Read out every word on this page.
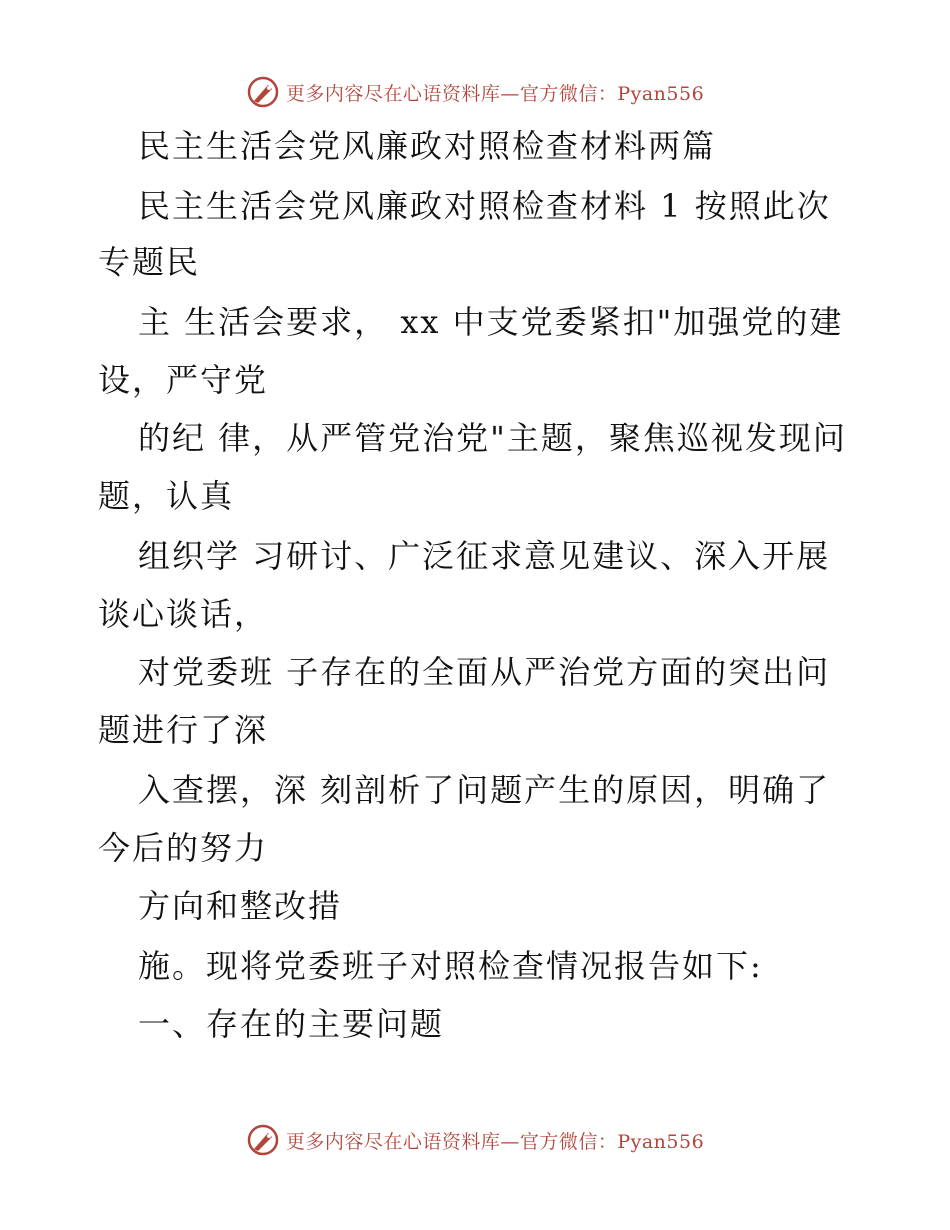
更多内容尽在心语资料库—官方微信：Pyan556
民主生活会党风廉政对照检查材料两篇
民主生活会党风廉政对照检查材料 1 按照此次
专题民
主 生活会要求， xx 中支党委紧扣"加强党的建
设，严守党
的纪 律，从严管党治党"主题，聚焦巡视发现问
题，认真
组织学 习研讨、广泛征求意见建议、深入开展
谈心谈话，
对党委班 子存在的全面从严治党方面的突出问
题进行了深
入查摆，深 刻剖析了问题产生的原因，明确了
今后的努力
方向和整改措
施。现将党委班子对照检查情况报告如下:
一、存在的主要问题
更多内容尽在心语资料库—官方微信：Pyan556
